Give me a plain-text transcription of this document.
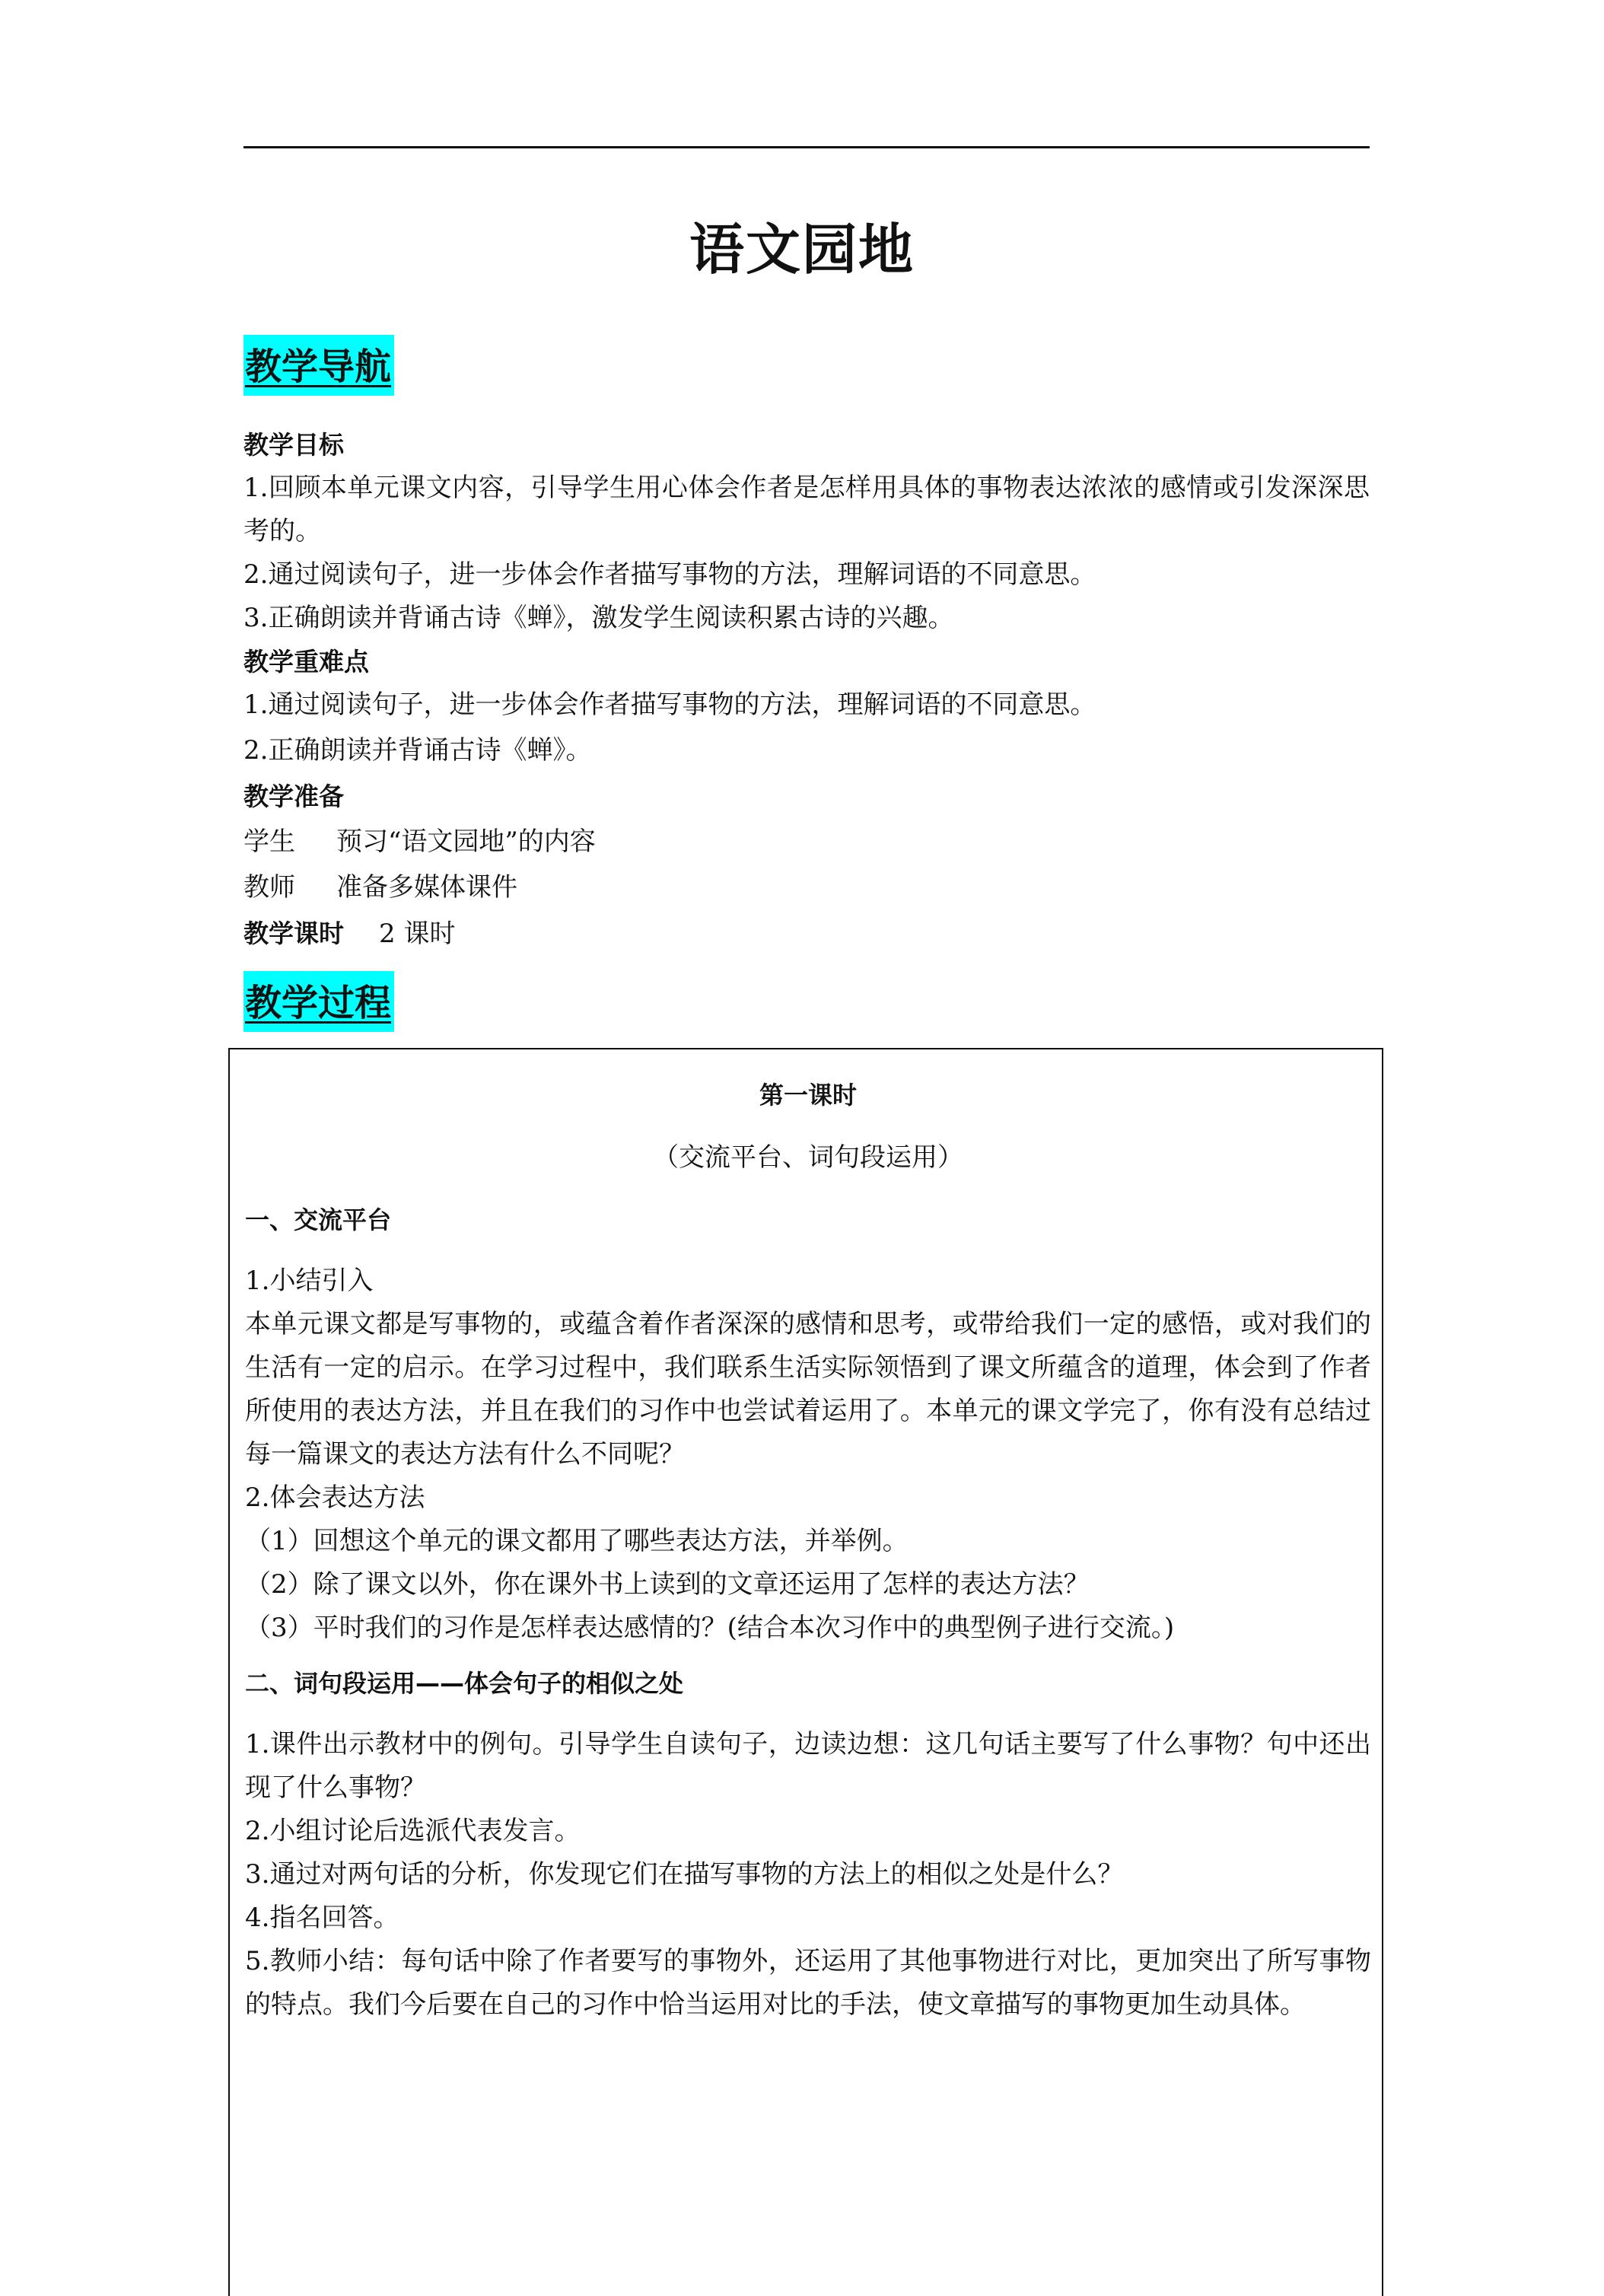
语文园地
教学导航
教学目标
1.回顾本单元课文内容，引导学生用心体会作者是怎样用具体的事物表达浓浓的感情或引发深深思考的。
2.通过阅读句子，进一步体会作者描写事物的方法，理解词语的不同意思。
3.正确朗读并背诵古诗《蝉》，激发学生阅读积累古诗的兴趣。
教学重难点
1.通过阅读句子，进一步体会作者描写事物的方法，理解词语的不同意思。
2.正确朗读并背诵古诗《蝉》。
教学准备
学生 预习“语文园地”的内容
教师 准备多媒体课件
教学课时 2 课时
教学过程
第一课时
（交流平台、词句段运用）
一、交流平台
1.小结引入
本单元课文都是写事物的，或蕴含着作者深深的感情和思考，或带给我们一定的感悟，或对我们的生活有一定的启示。在学习过程中，我们联系生活实际领悟到了课文所蕴含的道理，体会到了作者所使用的表达方法，并且在我们的习作中也尝试着运用了。本单元的课文学完了，你有没有总结过每一篇课文的表达方法有什么不同呢？
2.体会表达方法
（1）回想这个单元的课文都用了哪些表达方法，并举例。
（2）除了课文以外，你在课外书上读到的文章还运用了怎样的表达方法？
（3）平时我们的习作是怎样表达感情的？(结合本次习作中的典型例子进行交流。)
二、词句段运用——体会句子的相似之处
1.课件出示教材中的例句。引导学生自读句子，边读边想：这几句话主要写了什么事物？句中还出现了什么事物？
2.小组讨论后选派代表发言。
3.通过对两句话的分析，你发现它们在描写事物的方法上的相似之处是什么？
4.指名回答。
5.教师小结：每句话中除了作者要写的事物外，还运用了其他事物进行对比，更加突出了所写事物的特点。我们今后要在自己的习作中恰当运用对比的手法，使文章描写的事物更加生动具体。
